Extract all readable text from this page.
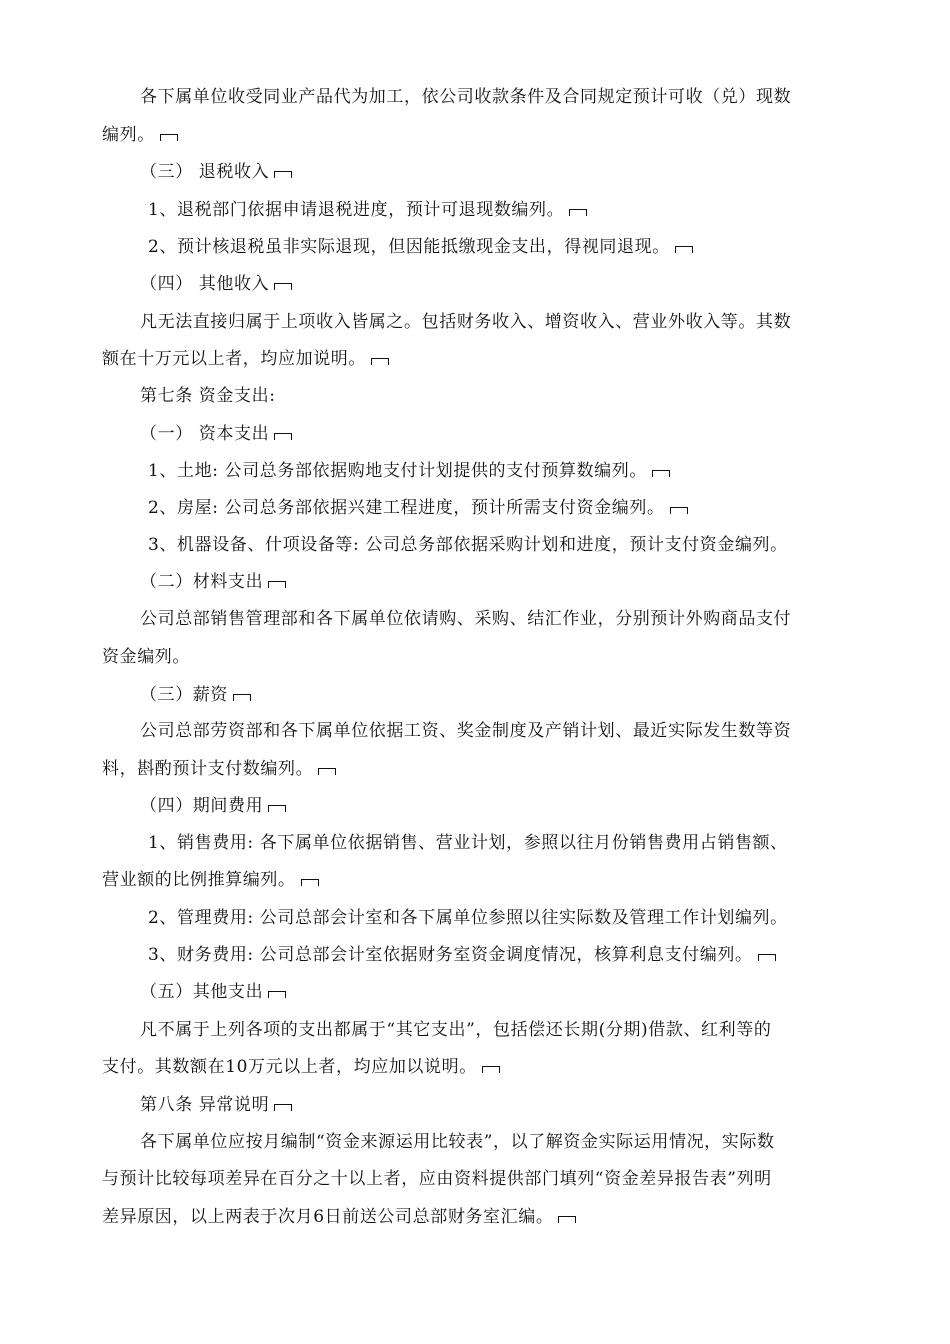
各下属单位收受同业产品代为加工，依公司收款条件及合同规定预计可收（兑）现数
编列。
（三） 退税收入
1、退税部门依据申请退税进度，预计可退现数编列。
2、预计核退税虽非实际退现，但因能抵缴现金支出，得视同退现。
（四） 其他收入
凡无法直接归属于上项收入皆属之。包括财务收入、增资收入、营业外收入等。其数
额在十万元以上者，均应加说明。
第七条 资金支出:
（一） 资本支出
1、土地: 公司总务部依据购地支付计划提供的支付预算数编列。
2、房屋: 公司总务部依据兴建工程进度，预计所需支付资金编列。
3、机器设备、什项设备等: 公司总务部依据采购计划和进度，预计支付资金编列。
（二）材料支出
公司总部销售管理部和各下属单位依请购、采购、结汇作业，分别预计外购商品支付
资金编列。
（三）薪资
公司总部劳资部和各下属单位依据工资、奖金制度及产销计划、最近实际发生数等资
料，斟酌预计支付数编列。
（四）期间费用
1、销售费用: 各下属单位依据销售、营业计划，参照以往月份销售费用占销售额、
营业额的比例推算编列。
2、管理费用: 公司总部会计室和各下属单位参照以往实际数及管理工作计划编列。
3、财务费用: 公司总部会计室依据财务室资金调度情况，核算利息支付编列。
（五）其他支出
凡不属于上列各项的支出都属于“其它支出”，包括偿还长期(分期)借款、红利等的
支付。其数额在10万元以上者，均应加以说明。
第八条 异常说明
各下属单位应按月编制“资金来源运用比较表”，以了解资金实际运用情况，实际数
与预计比较每项差异在百分之十以上者，应由资料提供部门填列“资金差异报告表”列明
差异原因，以上两表于次月6日前送公司总部财务室汇编。
